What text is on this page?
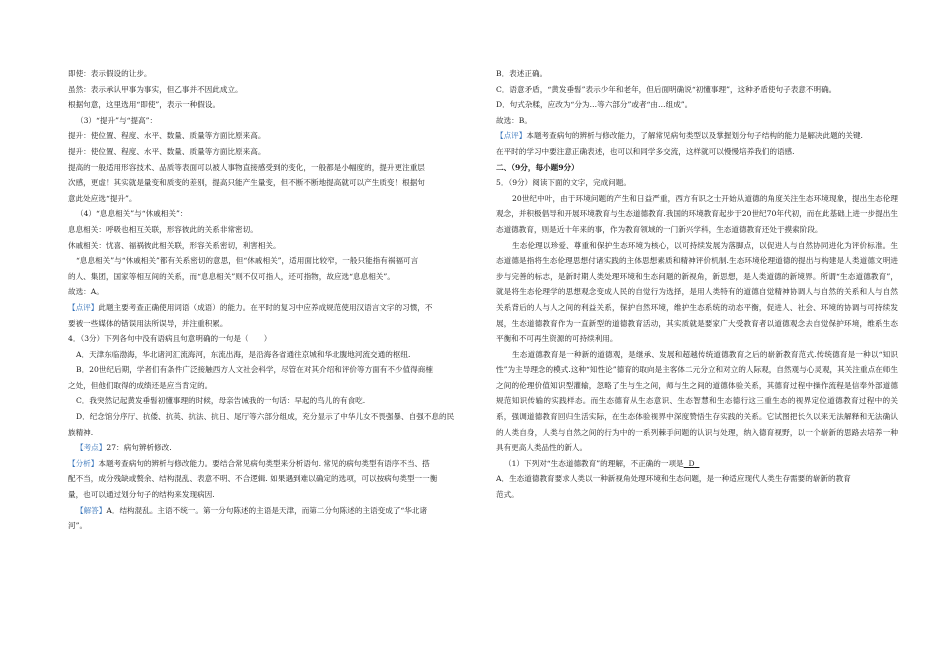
即使：表示假设的让步。

虽然：表示承认甲事为事实，但乙事并不因此成立。

根据句意，这里选用“即使”，表示一种假设。

（3）“提升”与“提高”：

提升：使位置、程度、水平、数量、质量等方面比原来高。

提升：使位置、程度、水平、数量、质量等方面比原来高。

提高的一般适用形容技术、品质等表面可以被人事物直接感受到的变化，一般都是小幅度的，提升更注重层

次感，更虚！其实就是量变和质变的差别，提高只能产生量变，但不断不断地提高就可以产生质变！根据句

意此处应选“提升”。

（4）“息息相关”与“休戚相关”：

息息相关：呼吸也相互关联，形容彼此的关系非常密切。

休戚相关：忧喜、福祸彼此相关联，形容关系密切，利害相关。

“息息相关”与“休戚相关”都有关系密切的意思，但“休戚相关”，适用面比较窄，一般只能指有祸福可言

的人、集团，国家等相互间的关系，而“息息相关”则不仅可指人，还可指物，故应选“息息相关”。

故选：A。

【点评】此题主要考查正确使用词语（成语）的能力。在平时的复习中应养成规范使用汉语言文字的习惯，不

要被一些媒体的错误用法所误导，并注重积累。

4．（3分）下列各句中没有语病且句意明确的一句是（　　）

A．天津东临渤海，华北诸河汇流海河，东流出海，是沿海各省通往京城和华北腹地河流交通的枢纽.

B．20世纪后期，学者们有条件广泛接触西方人文社会科学，尽管在对其介绍和评价等方面有不少值得商榷

之处，但他们取得的成绩还是应当肯定的。

C．我突然记起黄发垂髫初懂事理的时候，母亲告诫我的一句话：早起的鸟儿的有食吃.

D．纪念馆分序厅、抗倭、抗英、抗法、抗日、尾厅等六部分组成，充分显示了中华儿女不畏强暴、自强不息的民

族精神.

【考点】27：病句辨析修改.

【分析】本题考查病句的辨析与修改能力。要结合常见病句类型来分析语句. 常见的病句类型有语序不当、搭

配不当，成分残缺或赘余、结构混乱、表意不明、不合逻辑. 如果遇到难以确定的选项，可以按病句类型一一衡

量，也可以通过划分句子的结构来发现病因.

【解答】A．结构混乱。主语不统一。第一分句陈述的主语是天津，而第二分句陈述的主语变成了“华北诸

河”。

B．表述正确。

C．语意矛盾，“黄发垂髫”表示少年和老年，但后面明确说“初懂事理”，这种矛盾使句子表意不明确。

D．句式杂糅，应改为“分为…等六部分”或者“由…组成”。

故选：B。

【点评】本题考查病句的辨析与修改能力，了解常见病句类型以及掌握划分句子结构的能力是解决此题的关键.

在平时的学习中要注意正确表述，也可以和同学多交流，这样就可以慢慢培养我们的语感.

二、（9分，每小题9分）

5．（9分）阅读下面的文字，完成问题。

20世纪中叶，由于环境问题的产生和日益严重，西方有识之士开始从道德的角度关注生态环境现象，提出生态伦理观念，并积极倡导和开展环境教育与生态道德教育.我国的环境教育起步于20世纪70年代初，而在此基础上进一步提出生态道德教育，则是近十年来的事，作为教育领域的一门新兴学科，生态道德教育还处于摸索阶段。

生态伦理以珍爱、尊重和保护生态环境为核心，以可持续发展为落脚点，以促进人与自然协同进化为评价标准。生态道德是指将生态伦理思想付诸实践的主体思想素质和精神评价机制.生态环境伦理道德的提出与构建是人类道德文明进步与完善的标志，是新时期人类处理环境和生态问题的新视角，新思想，是人类道德的新境界。所谓“生态道德教育”，就是将生态伦理学的思想观念变成人民的自觉行为选择，是用人类特有的道德自觉精神协调人与自然的关系和人与自然关系背后的人与人之间的利益关系，保护自然环境，维护生态系统的动态平衡，促进人、社会、环境的协调与可持续发展，生态道德教育作为一直新型的道德教育活动，其实质就是要家广大受教育者以道德观念去自觉保护环境，维系生态平衡和不可再生资源的可持续利用。

生态道德教育是一种新的道德观，是继承、发展和超越传统道德教育之后的崭新教育范式.传统德育是一种以“知识性”为主导理念的模式.这种“知性论”德育的取向是主客体二元分立和对立的人际观，自然观与心灵观，其关注重点在师生之间的伦理价值知识型灌输，忽略了生与生之间，师与生之间的道德体验关系，其德育过程中操作流程是信奉外部道德规范知识传输的实践样态。而生态德育从生态意识、生态智慧和生态德行这三重生态的视界定位道德教育过程中的关系，强调道德教育回归生活实际，在生态体验视界中深度赞悟生存实践的关系。它试图把长久以来无法解释和无法确认的人类自身，人类与自然之间的行为中的一系列棘手问题的认识与处理，纳入德育视野，以一个崭新的思路去培养一种具有更高人类品性的新人。

（1）下列对“生态道德教育”的理解，不正确的一项是 D

A．生态道德教育要求人类以一种新视角处理环境和生态问题，是一种适应现代人类生存需要的崭新的教育

范式。
